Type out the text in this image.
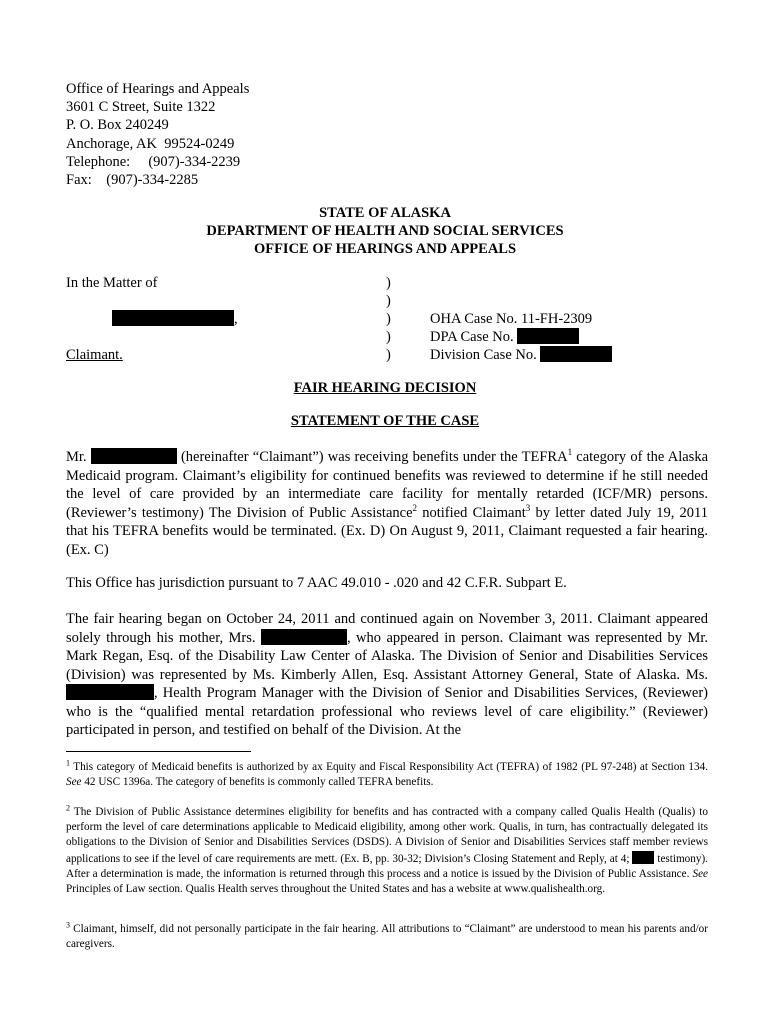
Office of Hearings and Appeals
3601 C Street, Suite 1322
P. O. Box 240249
Anchorage, AK  99524-0249
Telephone:     (907)-334-2239
Fax:    (907)-334-2285
STATE OF ALASKA
DEPARTMENT OF HEALTH AND SOCIAL SERVICES
OFFICE OF HEARINGS AND APPEALS
In the Matter of
,
Claimant.
)
)
)
)
)
OHA Case No. 11-FH-2309
DPA Case No.
Division Case No.
FAIR HEARING DECISION
STATEMENT OF THE CASE
Mr.	(hereinafter “Claimant”) was receiving benefits under the TEFRA$^1$ category of the Alaska Medicaid program. Claimant’s eligibility for continued benefits was reviewed to determine if he still needed the level of care provided by an intermediate care facility for mentally retarded (ICF/MR) persons. (Reviewer’s testimony) The Division of Public Assistance$^2$ notified Claimant$^3$ by letter dated July 19, 2011 that his TEFRA benefits would be terminated. (Ex. D) On August 9, 2011, Claimant requested a fair hearing. (Ex. C)
This Office has jurisdiction pursuant to 7 AAC 49.010 - .020 and 42 C.F.R. Subpart E.
The fair hearing began on October 24, 2011 and continued again on November 3, 2011. Claimant appeared solely through his mother, Mrs.	, who appeared in person. Claimant was represented by Mr. Mark Regan, Esq. of the Disability Law Center of Alaska. The Division of Senior and Disabilities Services (Division) was represented by Ms. Kimberly Allen, Esq. Assistant Attorney General, State of Alaska. Ms. , Health Program Manager with the Division of Senior and Disabilities Services, (Reviewer) who is the “qualified mental retardation professional who reviews level of care eligibility.” (Reviewer) participated in person, and testified on behalf of the Division. At the
$^1$ This category of Medicaid benefits is authorized by ax Equity and Fiscal Responsibility Act (TEFRA) of 1982 (PL 97-248) at Section 134. See 42 USC 1396a. The category of benefits is commonly called TEFRA benefits.
$^2$ The Division of Public Assistance determines eligibility for benefits and has contracted with a company called Qualis Health (Qualis) to perform the level of care determinations applicable to Medicaid eligibility, among other work. Qualis, in turn, has contractually delegated its obligations to the Division of Senior and Disabilities Services (DSDS). A Division of Senior and Disabilities Services staff member reviews applications to see if the level of care requirements are mett. (Ex. B, pp. 30-32; Division’s Closing Statement and Reply, at 4;  testimony). After a determination is made, the information is returned through this process and a notice is issued by the Division of Public Assistance. See Principles of Law section. Qualis Health serves throughout the United States and has a website at www.qualishealth.org.
$^3$ Claimant, himself, did not personally participate in the fair hearing. All attributions to “Claimant” are understood to mean his parents and/or caregivers.
